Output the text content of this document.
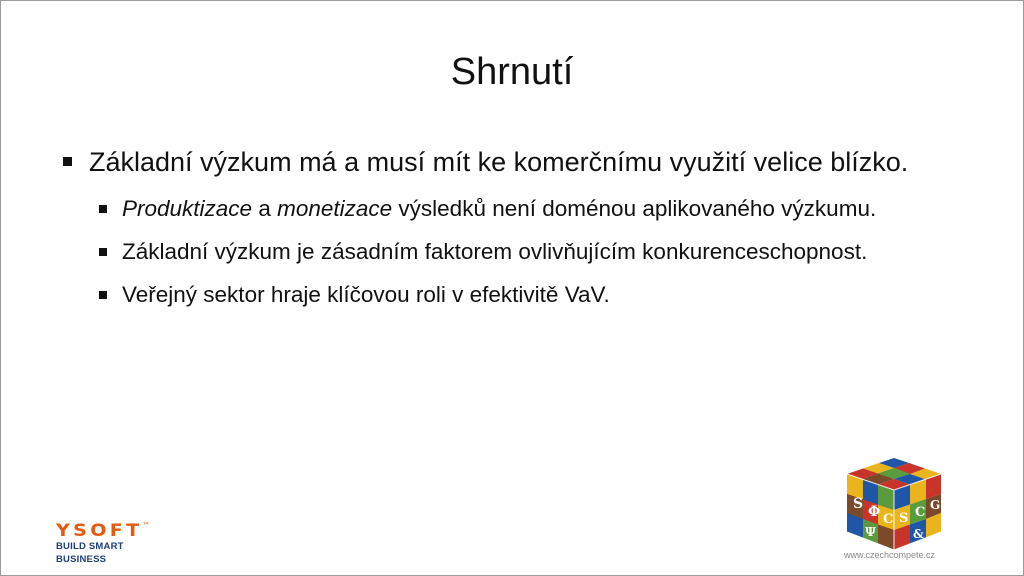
Shrnutí
Základní výzkum má a musí mít ke komerčnímu využití velice blízko.
Produktizace a monetizace výsledků není doménou aplikovaného výzkumu.
Základní výzkum je zásadním faktorem ovlivňujícím konkurenceschopnost.
Veřejný sektor hraje klíčovou roli v efektivitě VaV.
YSOFT™
BUILD SMART BUSINESS
S Φ C S C G
Ψ	&
www.czechcompete.cz
